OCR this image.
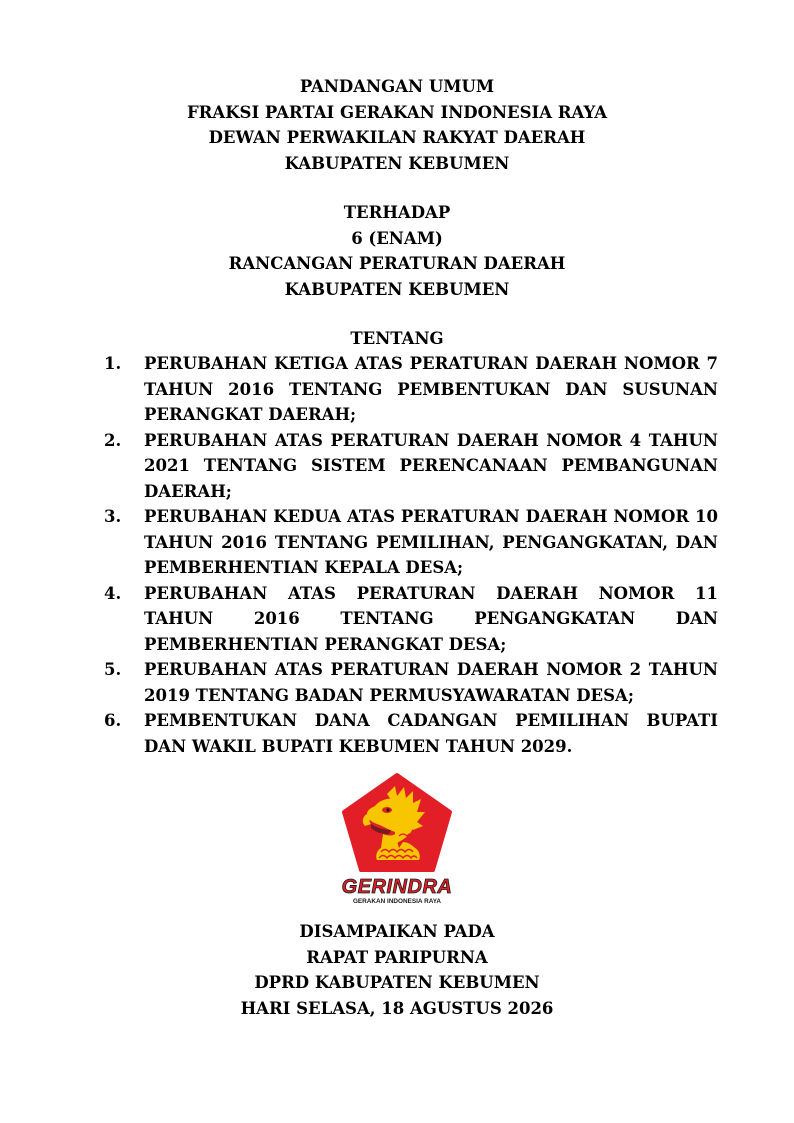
PANDANGAN UMUM
FRAKSI PARTAI GERAKAN INDONESIA RAYA
DEWAN PERWAKILAN RAKYAT DAERAH
KABUPATEN KEBUMEN
TERHADAP
6 (ENAM)
RANCANGAN PERATURAN DAERAH
KABUPATEN KEBUMEN
TENTANG
1. PERUBAHAN KETIGA ATAS PERATURAN DAERAH NOMOR 7 TAHUN 2016 TENTANG PEMBENTUKAN DAN SUSUNAN PERANGKAT DAERAH;
2. PERUBAHAN ATAS PERATURAN DAERAH NOMOR 4 TAHUN 2021 TENTANG SISTEM PERENCANAAN PEMBANGUNAN DAERAH;
3. PERUBAHAN KEDUA ATAS PERATURAN DAERAH NOMOR 10 TAHUN 2016 TENTANG PEMILIHAN, PENGANGKATAN, DAN PEMBERHENTIAN KEPALA DESA;
4. PERUBAHAN ATAS PERATURAN DAERAH NOMOR 11 TAHUN 2016 TENTANG PENGANGKATAN DAN PEMBERHENTIAN PERANGKAT DESA;
5. PERUBAHAN ATAS PERATURAN DAERAH NOMOR 2 TAHUN 2019 TENTANG BADAN PERMUSYAWARATAN DESA;
6. PEMBENTUKAN DANA CADANGAN PEMILIHAN BUPATI DAN WAKIL BUPATI KEBUMEN TAHUN 2029.
GERINDRA
GERAKAN INDONESIA RAYA
DISAMPAIKAN PADA
RAPAT PARIPURNA
DPRD KABUPATEN KEBUMEN
HARI SELASA, 18 AGUSTUS 2026
